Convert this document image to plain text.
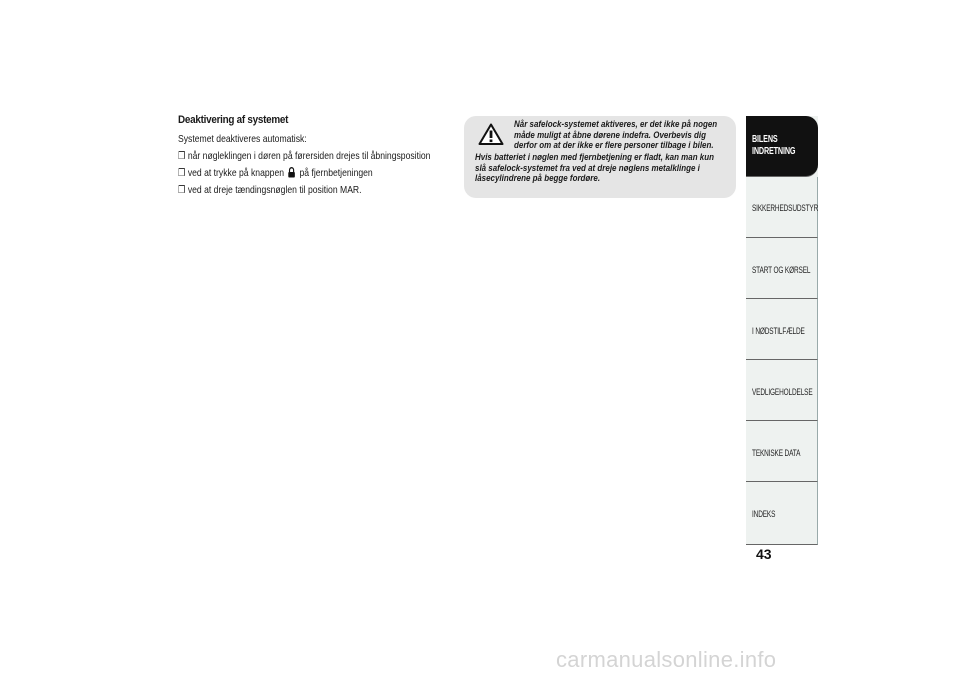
Deaktivering af systemet
Systemet deaktiveres automatisk:
❒ når nøgleklingen i døren på førersiden drejes til åbningsposition
❒ ved at trykke på knappen på fjernbetjeningen
❒ ved at dreje tændingsnøglen til position MAR.
Når safelock-systemet aktiveres, er det ikke på nogen
måde muligt at åbne dørene indefra. Overbevis dig
derfor om at der ikke er flere personer tilbage i bilen.
Hvis batteriet i nøglen med fjernbetjening er fladt, kan man kun
slå safelock-systemet fra ved at dreje nøglens metalklinge i
låsecylindrene på begge fordøre.
BILENS
INDRETNING
SIKKERHEDSUDSTYR
START OG KØRSEL
I NØDSTILFÆLDE
VEDLIGEHOLDELSE
TEKNISKE DATA
INDEKS
43
carmanualsonline.info
